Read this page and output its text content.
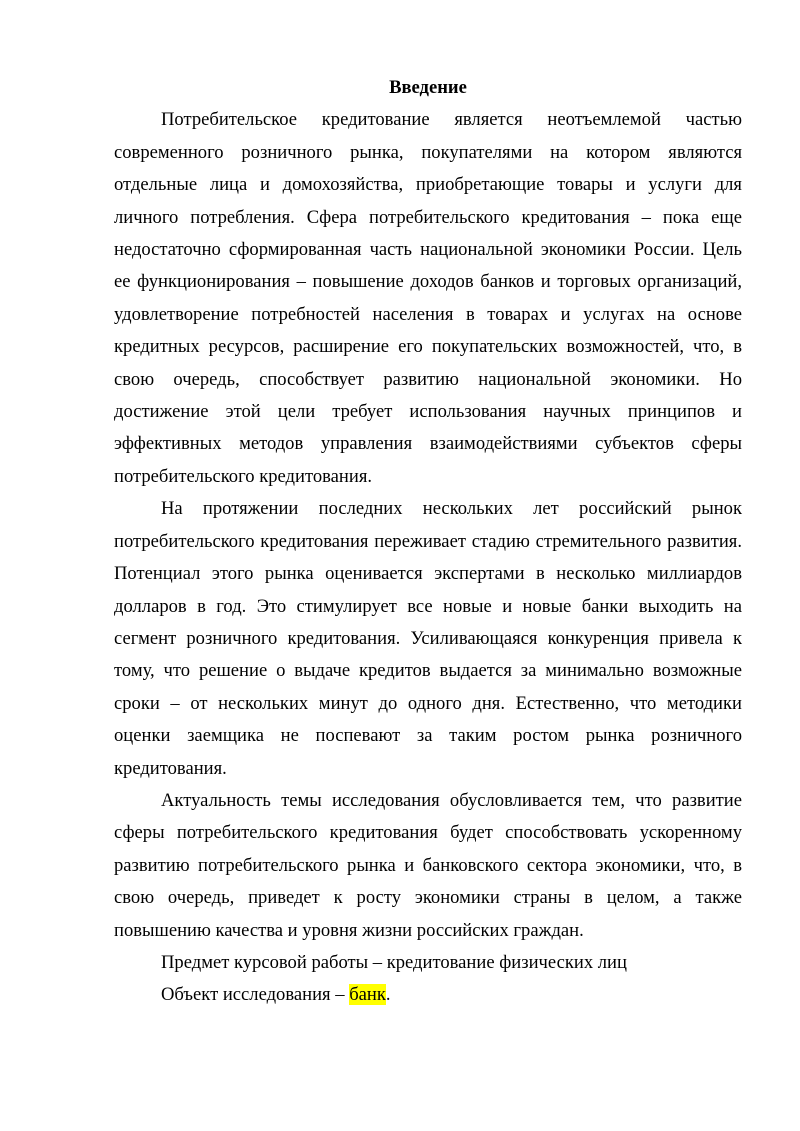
Введение

Потребительское кредитование является неотъемлемой частью современного розничного рынка, покупателями на котором являются отдельные лица и домохозяйства, приобретающие товары и услуги для личного потребления. Сфера потребительского кредитования – пока еще недостаточно сформированная часть национальной экономики России. Цель ее функционирования – повышение доходов банков и торговых организаций, удовлетворение потребностей населения в товарах и услугах на основе кредитных ресурсов, расширение его покупательских возможностей, что, в свою очередь, способствует развитию национальной экономики. Но достижение этой цели требует использования научных принципов и эффективных методов управления взаимодействиями субъектов сферы потребительского кредитования.

На протяжении последних нескольких лет российский рынок потребительского кредитования переживает стадию стремительного развития. Потенциал этого рынка оценивается экспертами в несколько миллиардов долларов в год. Это стимулирует все новые и новые банки выходить на сегмент розничного кредитования. Усиливающаяся конкуренция привела к тому, что решение о выдаче кредитов выдается за минимально возможные сроки – от нескольких минут до одного дня. Естественно, что методики оценки заемщика не поспевают за таким ростом рынка розничного кредитования.

Актуальность темы исследования обусловливается тем, что развитие сферы потребительского кредитования будет способствовать ускоренному развитию потребительского рынка и банковского сектора экономики, что, в свою очередь, приведет к росту экономики страны в целом, а также повышению качества и уровня жизни российских граждан.

Предмет курсовой работы – кредитование физических лиц

Объект исследования – банк.
